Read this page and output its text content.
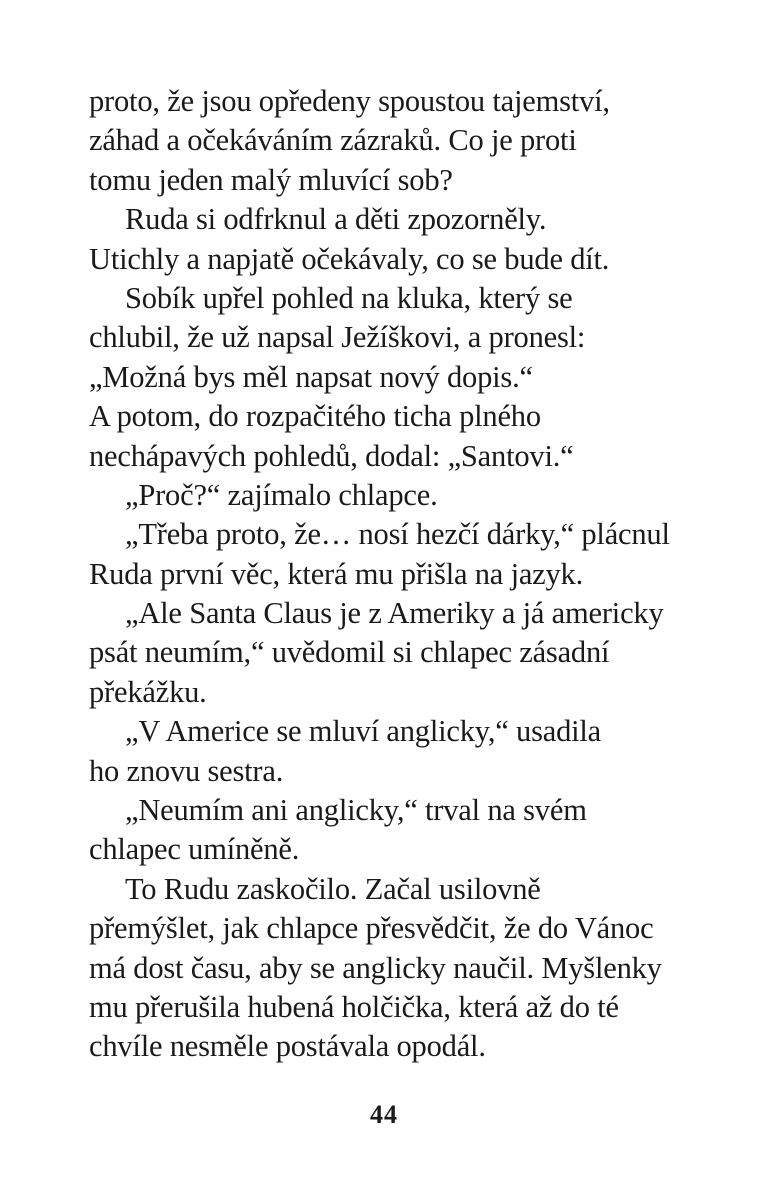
proto, že jsou opředeny spoustou tajemství,
záhad a očekáváním zázraků. Co je proti
tomu jeden malý mluvící sob?
Ruda si odfrknul a děti zpozorněly.
Utichly a napjatě očekávaly, co se bude dít.
Sobík upřel pohled na kluka, který se
chlubil, že už napsal Ježíškovi, a pronesl:
„Možná bys měl napsat nový dopis.“
A potom, do rozpačitého ticha plného
nechápavých pohledů, dodal: „Santovi.“
„Proč?“ zajímalo chlapce.
„Třeba proto, že… nosí hezčí dárky,“ plácnul
Ruda první věc, která mu přišla na jazyk.
„Ale Santa Claus je z Ameriky a já americky
psát neumím,“ uvědomil si chlapec zásadní
překážku.
„V Americe se mluví anglicky,“ usadila
ho znovu sestra.
„Neumím ani anglicky,“ trval na svém
chlapec umíněně.
To Rudu zaskočilo. Začal usilovně
přemýšlet, jak chlapce přesvědčit, že do Vánoc
má dost času, aby se anglicky naučil. Myšlenky
mu přerušila hubená holčička, která až do té
chvíle nesměle postávala opodál.
44
